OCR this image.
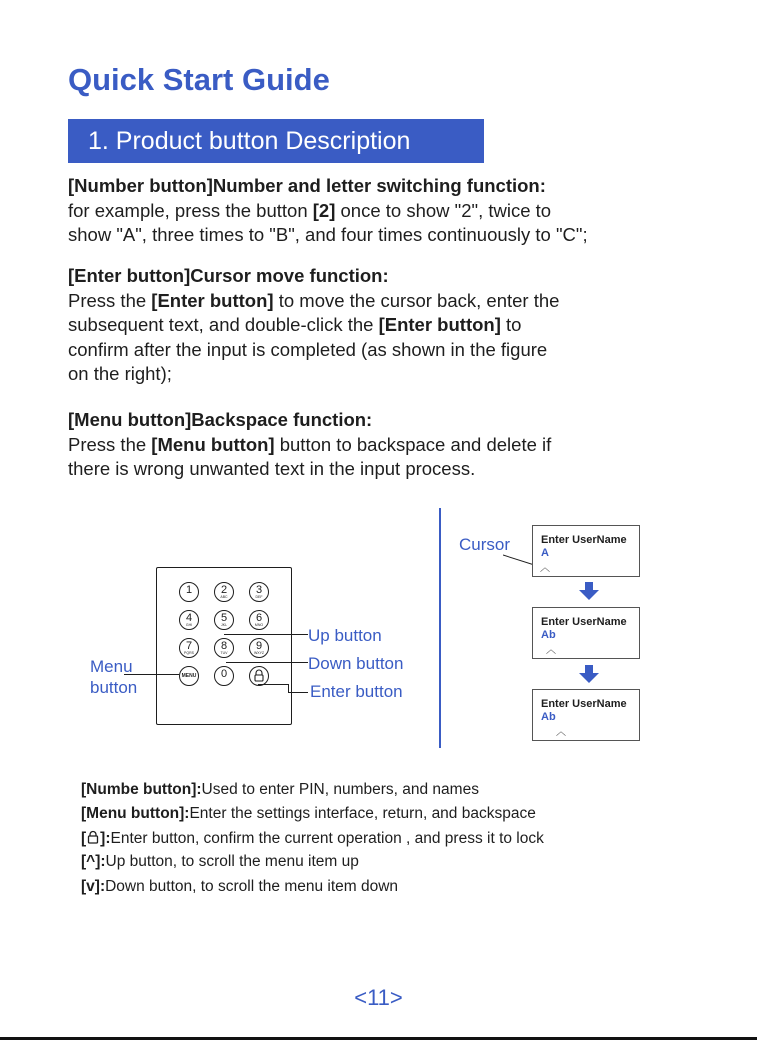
Quick Start Guide
1. Product button Description
[Number button]Number and letter switching function:
for example, press the button [2] once to show "2", twice to
show "A", three times to "B", and four times continuously to "C";
[Enter button]Cursor move function:
Press the [Enter button] to move the cursor back, enter the
subsequent text, and double-click the [Enter button] to
confirm after the input is completed (as shown in the figure
on the right);
[Menu button]Backspace function:
Press the [Menu button] button to backspace and delete if
there is wrong unwanted text in the input process.
1	2
ABC
3
DEF
4
GHI
5
JKL
6
MNO
7
PQRS
8
TUV
9
WXYZ
MENU	0
Up button
Down button
Enter button
Menu
button
Cursor	Enter UserName
A
︿
Enter UserName
Ab
︿
Enter UserName
Ab
︿
[Numbe button]:Used to enter PIN, numbers, and names
[Menu button]:Enter the settings interface, return, and backspace
[ ]:Enter button, confirm the current operation , and press it to lock
[^]:Up button, to scroll the menu item up
[v]:Down button, to scroll the menu item down
<11>
